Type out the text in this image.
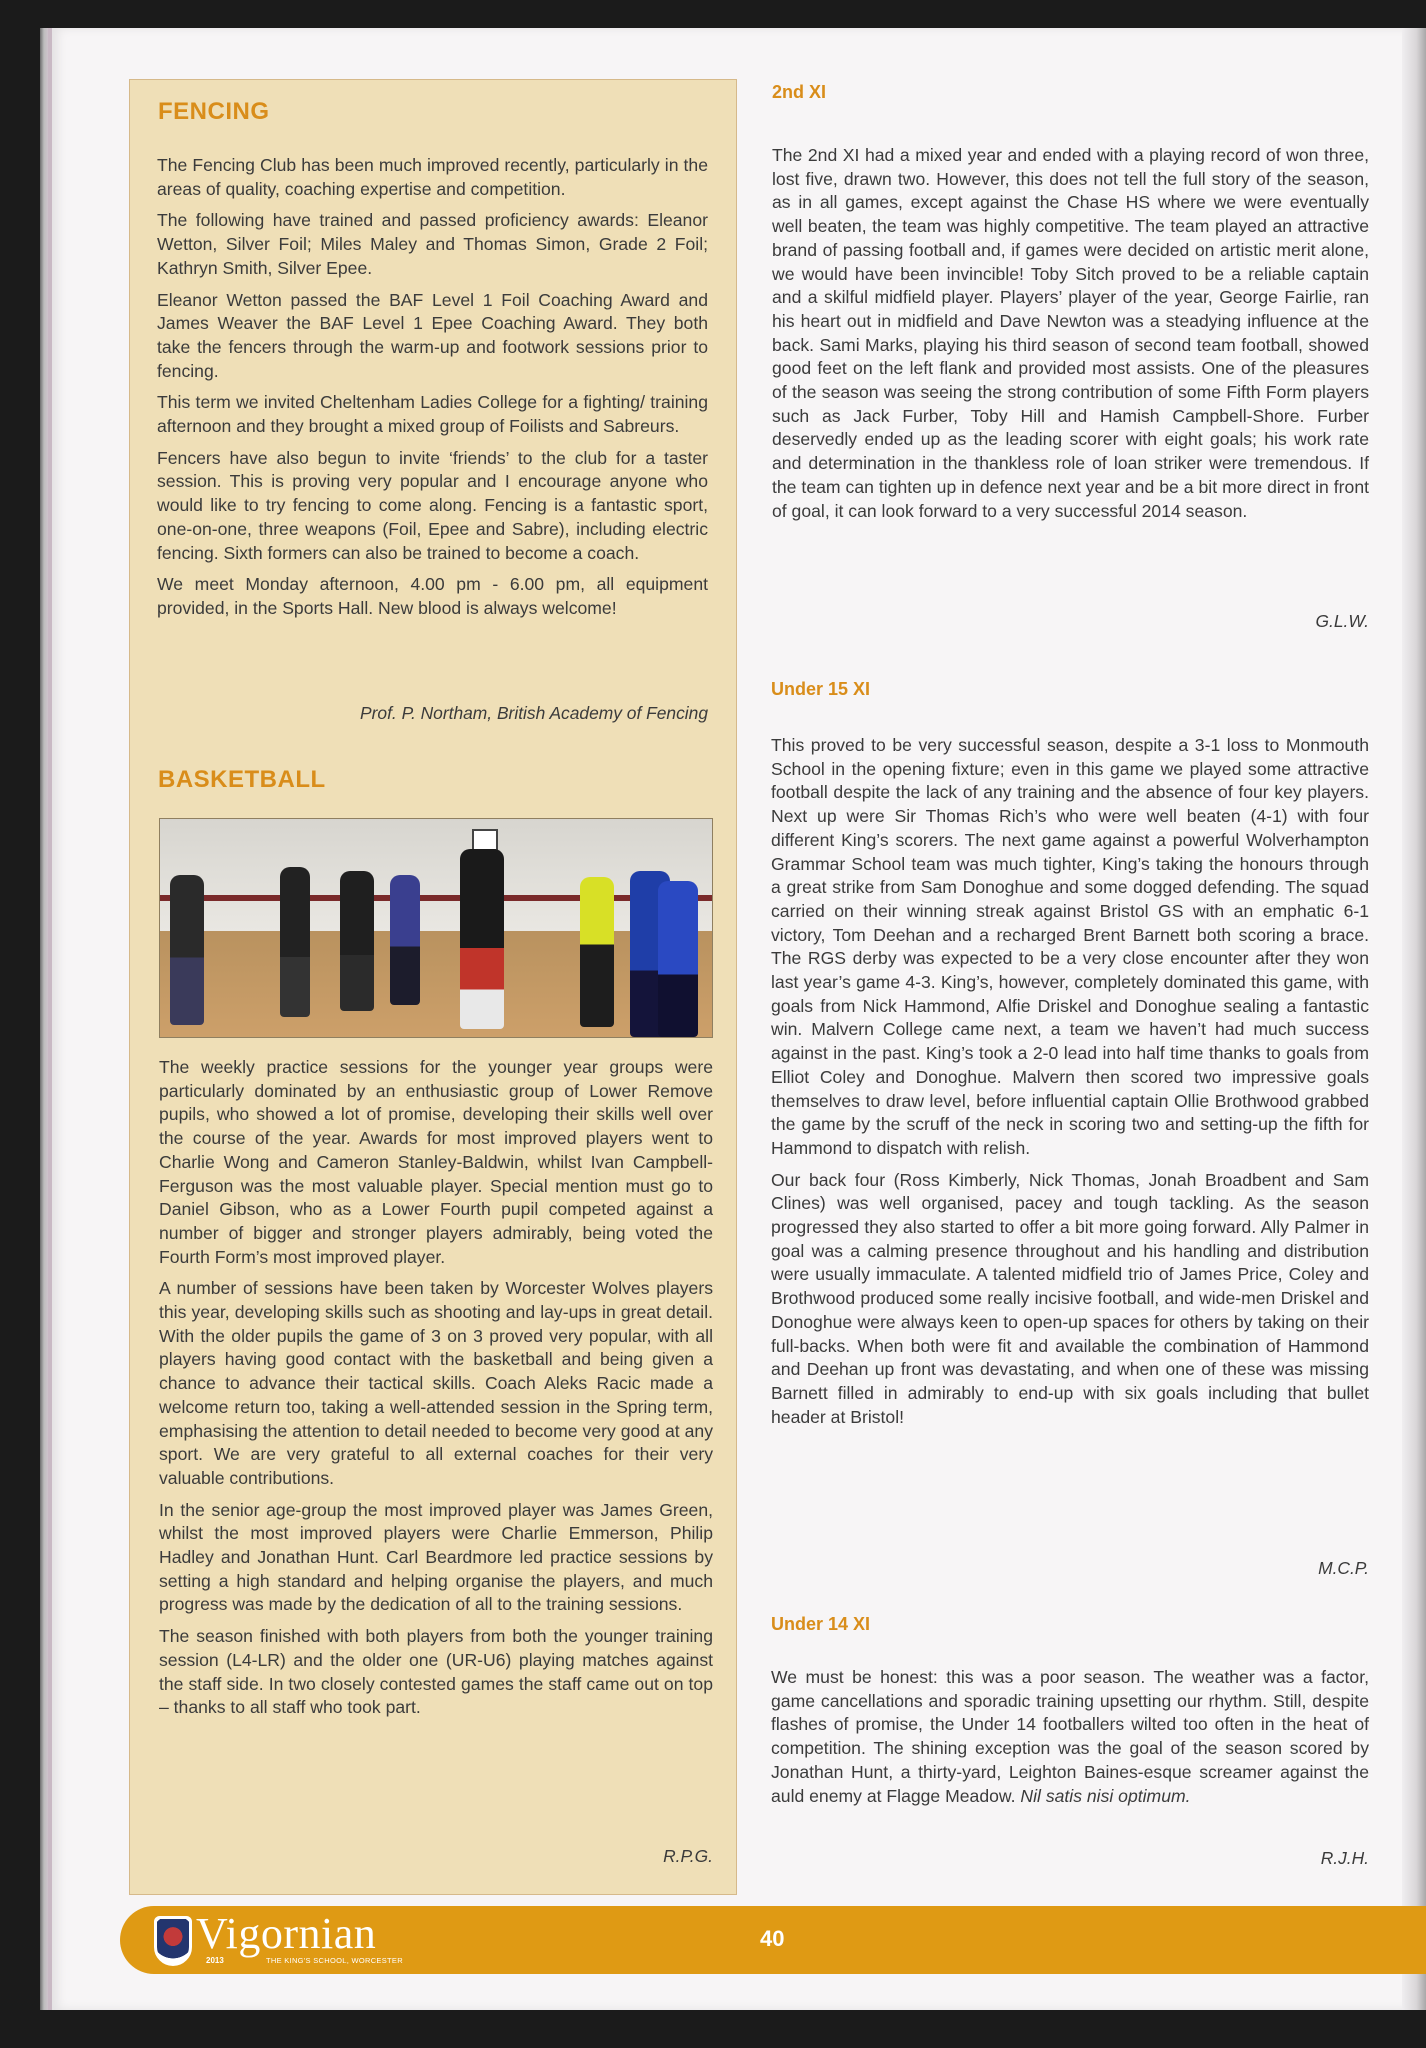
FENCING

The Fencing Club has been much improved recently, particularly in the areas of quality, coaching expertise and competition.

The following have trained and passed proficiency awards: Eleanor Wetton, Silver Foil; Miles Maley and Thomas Simon, Grade 2 Foil; Kathryn Smith, Silver Epee.

Eleanor Wetton passed the BAF Level 1 Foil Coaching Award and James Weaver the BAF Level 1 Epee Coaching Award. They both take the fencers through the warm-up and footwork sessions prior to fencing.

This term we invited Cheltenham Ladies College for a fighting/ training afternoon and they brought a mixed group of Foilists and Sabreurs.

Fencers have also begun to invite ‘friends’ to the club for a taster session. This is proving very popular and I encourage anyone who would like to try fencing to come along. Fencing is a fantastic sport, one-on-one, three weapons (Foil, Epee and Sabre), including electric fencing. Sixth formers can also be trained to become a coach.

We meet Monday afternoon, 4.00 pm - 6.00 pm, all equipment provided, in the Sports Hall. New blood is always welcome!

Prof. P. Northam, British Academy of Fencing
BASKETBALL

The weekly practice sessions for the younger year groups were particularly dominated by an enthusiastic group of Lower Remove pupils, who showed a lot of promise, developing their skills well over the course of the year. Awards for most improved players went to Charlie Wong and Cameron Stanley-Baldwin, whilst Ivan Campbell-Ferguson was the most valuable player. Special mention must go to Daniel Gibson, who as a Lower Fourth pupil competed against a number of bigger and stronger players admirably, being voted the Fourth Form’s most improved player.

A number of sessions have been taken by Worcester Wolves players this year, developing skills such as shooting and lay-ups in great detail. With the older pupils the game of 3 on 3 proved very popular, with all players having good contact with the basketball and being given a chance to advance their tactical skills. Coach Aleks Racic made a welcome return too, taking a well-attended session in the Spring term, emphasising the attention to detail needed to become very good at any sport. We are very grateful to all external coaches for their very valuable contributions.

In the senior age-group the most improved player was James Green, whilst the most improved players were Charlie Emmerson, Philip Hadley and Jonathan Hunt. Carl Beardmore led practice sessions by setting a high standard and helping organise the players, and much progress was made by the dedication of all to the training sessions.

The season finished with both players from both the younger training session (L4-LR) and the older one (UR-U6) playing matches against the staff side. In two closely contested games the staff came out on top – thanks to all staff who took part.

R.P.G.
2nd XI

The 2nd XI had a mixed year and ended with a playing record of won three, lost five, drawn two. However, this does not tell the full story of the season, as in all games, except against the Chase HS where we were eventually well beaten, the team was highly competitive. The team played an attractive brand of passing football and, if games were decided on artistic merit alone, we would have been invincible! Toby Sitch proved to be a reliable captain and a skilful midfield player. Players’ player of the year, George Fairlie, ran his heart out in midfield and Dave Newton was a steadying influence at the back. Sami Marks, playing his third season of second team football, showed good feet on the left flank and provided most assists. One of the pleasures of the season was seeing the strong contribution of some Fifth Form players such as Jack Furber, Toby Hill and Hamish Campbell-Shore. Furber deservedly ended up as the leading scorer with eight goals; his work rate and determination in the thankless role of loan striker were tremendous. If the team can tighten up in defence next year and be a bit more direct in front of goal, it can look forward to a very successful 2014 season.

G.L.W.
Under 15 XI

This proved to be very successful season, despite a 3-1 loss to Monmouth School in the opening fixture; even in this game we played some attractive football despite the lack of any training and the absence of four key players. Next up were Sir Thomas Rich’s who were well beaten (4-1) with four different King’s scorers. The next game against a powerful Wolverhampton Grammar School team was much tighter, King’s taking the honours through a great strike from Sam Donoghue and some dogged defending. The squad carried on their winning streak against Bristol GS with an emphatic 6-1 victory, Tom Deehan and a recharged Brent Barnett both scoring a brace. The RGS derby was expected to be a very close encounter after they won last year’s game 4-3. King’s, however, completely dominated this game, with goals from Nick Hammond, Alfie Driskel and Donoghue sealing a fantastic win. Malvern College came next, a team we haven’t had much success against in the past. King’s took a 2-0 lead into half time thanks to goals from Elliot Coley and Donoghue. Malvern then scored two impressive goals themselves to draw level, before influential captain Ollie Brothwood grabbed the game by the scruff of the neck in scoring two and setting-up the fifth for Hammond to dispatch with relish.

Our back four (Ross Kimberly, Nick Thomas, Jonah Broadbent and Sam Clines) was well organised, pacey and tough tackling. As the season progressed they also started to offer a bit more going forward. Ally Palmer in goal was a calming presence throughout and his handling and distribution were usually immaculate. A talented midfield trio of James Price, Coley and Brothwood produced some really incisive football, and wide-men Driskel and Donoghue were always keen to open-up spaces for others by taking on their full-backs. When both were fit and available the combination of Hammond and Deehan up front was devastating, and when one of these was missing Barnett filled in admirably to end-up with six goals including that bullet header at Bristol!

M.C.P.
Under 14 XI

We must be honest: this was a poor season. The weather was a factor, game cancellations and sporadic training upsetting our rhythm. Still, despite flashes of promise, the Under 14 footballers wilted too often in the heat of competition. The shining exception was the goal of the season scored by Jonathan Hunt, a thirty-yard, Leighton Baines-esque screamer against the auld enemy at Flagge Meadow. Nil satis nisi optimum.

R.J.H.
Vigornian
2013	THE KING'S SCHOOL, WORCESTER
40
